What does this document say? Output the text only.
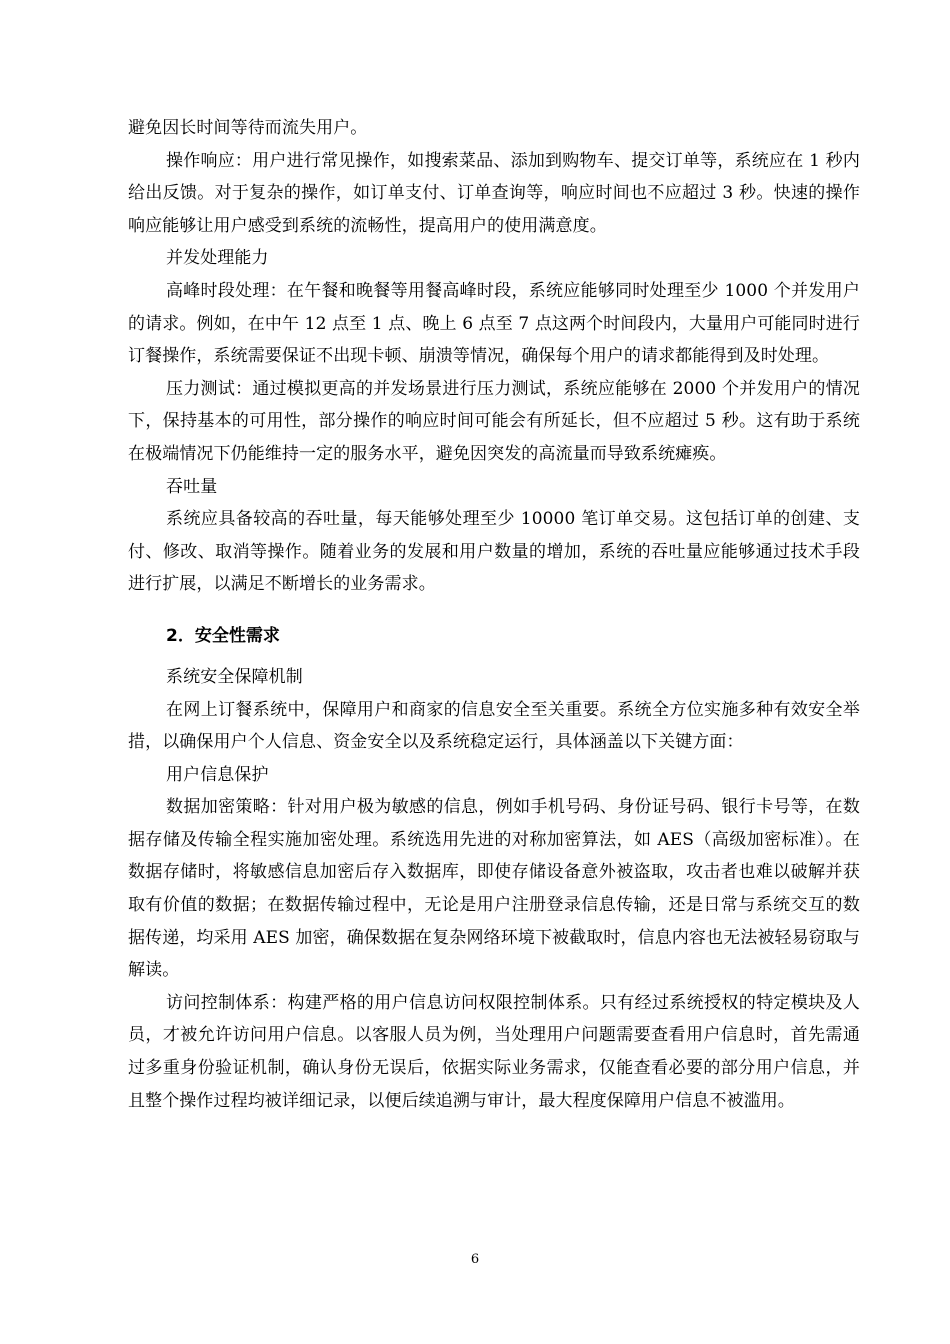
避免因长时间等待而流失用户。

操作响应：用户进行常见操作，如搜索菜品、添加到购物车、提交订单等，系统应在 1 秒内给出反馈。对于复杂的操作，如订单支付、订单查询等，响应时间也不应超过 3 秒。快速的操作响应能够让用户感受到系统的流畅性，提高用户的使用满意度。

并发处理能力

高峰时段处理：在午餐和晚餐等用餐高峰时段，系统应能够同时处理至少 1000 个并发用户的请求。例如，在中午 12 点至 1 点、晚上 6 点至 7 点这两个时间段内，大量用户可能同时进行订餐操作，系统需要保证不出现卡顿、崩溃等情况，确保每个用户的请求都能得到及时处理。

压力测试：通过模拟更高的并发场景进行压力测试，系统应能够在 2000 个并发用户的情况下，保持基本的可用性，部分操作的响应时间可能会有所延长，但不应超过 5 秒。这有助于系统在极端情况下仍能维持一定的服务水平，避免因突发的高流量而导致系统瘫痪。

吞吐量

系统应具备较高的吞吐量，每天能够处理至少 10000 笔订单交易。这包括订单的创建、支付、修改、取消等操作。随着业务的发展和用户数量的增加，系统的吞吐量应能够通过技术手段进行扩展，以满足不断增长的业务需求。

2．安全性需求

系统安全保障机制

在网上订餐系统中，保障用户和商家的信息安全至关重要。系统全方位实施多种有效安全举措，以确保用户个人信息、资金安全以及系统稳定运行，具体涵盖以下关键方面：

用户信息保护

数据加密策略：针对用户极为敏感的信息，例如手机号码、身份证号码、银行卡号等，在数据存储及传输全程实施加密处理。系统选用先进的对称加密算法，如 AES（高级加密标准）。在数据存储时，将敏感信息加密后存入数据库，即使存储设备意外被盗取，攻击者也难以破解并获取有价值的数据；在数据传输过程中，无论是用户注册登录信息传输，还是日常与系统交互的数据传递，均采用 AES 加密，确保数据在复杂网络环境下被截取时，信息内容也无法被轻易窃取与解读。

访问控制体系：构建严格的用户信息访问权限控制体系。只有经过系统授权的特定模块及人员，才被允许访问用户信息。以客服人员为例，当处理用户问题需要查看用户信息时，首先需通过多重身份验证机制，确认身份无误后，依据实际业务需求，仅能查看必要的部分用户信息，并且整个操作过程均被详细记录，以便后续追溯与审计，最大程度保障用户信息不被滥用。

6
